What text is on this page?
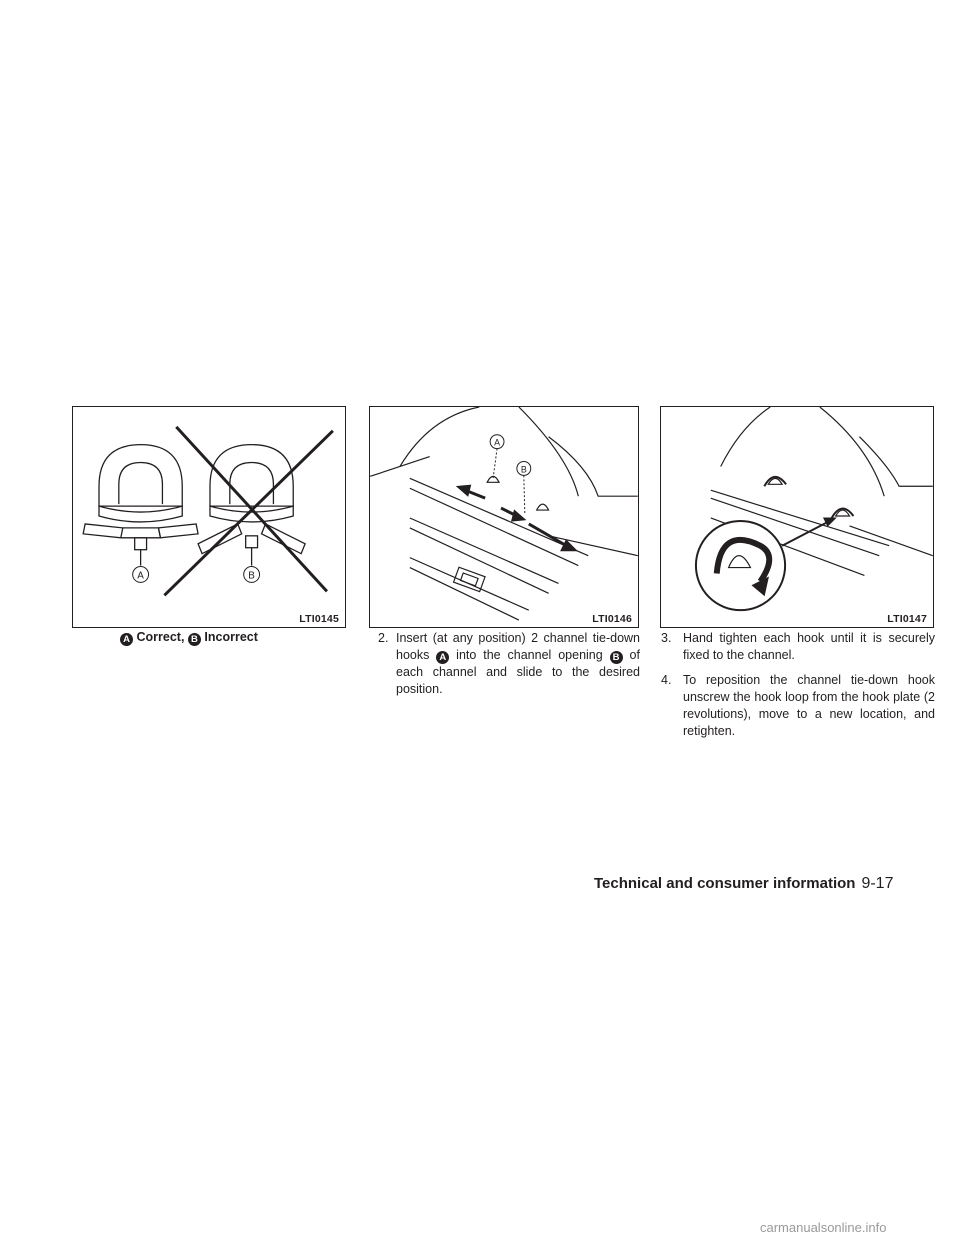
A	B
LTI0145
A
B
LTI0146	LTI0147
A Correct, B Incorrect	2. Insert (at any position) 2 channel tie-down hooks A into the channel opening B of each channel and slide to the desired position.
3. Hand tighten each hook until it is securely fixed to the channel.
4. To reposition the channel tie-down hook unscrew the hook loop from the hook plate (2 revolutions), move to a new location, and retighten.
Technical and consumer information 9-17
carmanualsonline.info
